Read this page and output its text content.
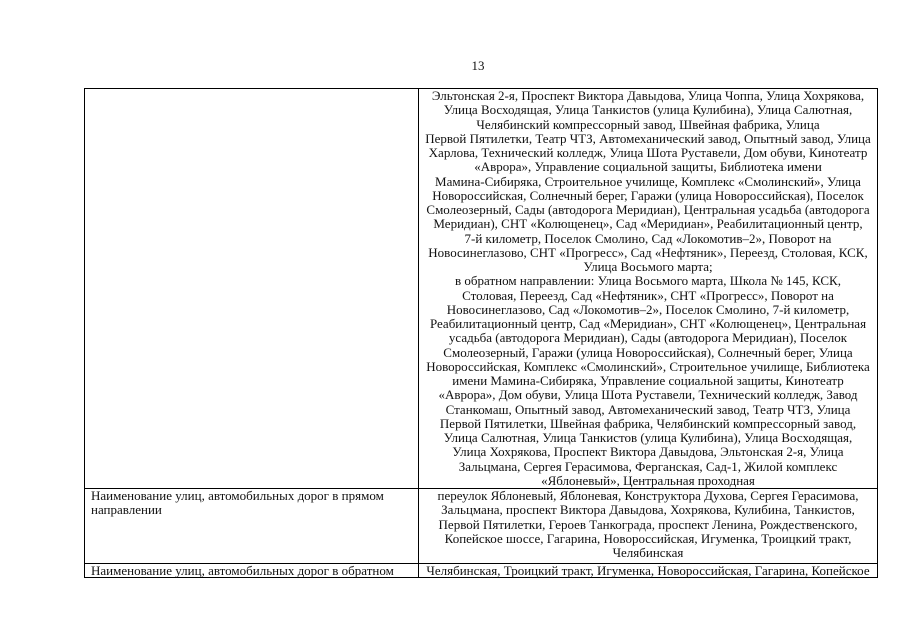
13
Эльтонская 2-я, Проспект Виктора Давыдова, Улица Чоппа, Улица Хохрякова,
Улица Восходящая, Улица Танкистов (улица Кулибина), Улица Салютная,
Челябинский компрессорный завод, Швейная фабрика, Улица
Первой Пятилетки, Театр ЧТЗ, Автомеханический завод, Опытный завод, Улица
Харлова, Технический колледж, Улица Шота Руставели, Дом обуви, Кинотеатр
«Аврора», Управление социальной защиты, Библиотека имени
Мамина-Сибиряка, Строительное училище, Комплекс «Смолинский», Улица
Новороссийская, Солнечный берег, Гаражи (улица Новороссийская), Поселок
Смолеозерный, Сады (автодорога Меридиан), Центральная усадьба (автодорога
Меридиан), СНТ «Колющенец», Сад «Меридиан», Реабилитационный центр,
7-й километр, Поселок Смолино, Сад «Локомотив–2», Поворот на
Новосинеглазово, СНТ «Прогресс», Сад «Нефтяник», Переезд, Столовая, КСК,
Улица Восьмого марта;
в обратном направлении: Улица Восьмого марта, Школа № 145, КСК,
Столовая, Переезд, Сад «Нефтяник», СНТ «Прогресс», Поворот на
Новосинеглазово, Сад «Локомотив–2», Поселок Смолино, 7-й километр,
Реабилитационный центр, Сад «Меридиан», СНТ «Колющенец», Центральная
усадьба (автодорога Меридиан), Сады (автодорога Меридиан), Поселок
Смолеозерный, Гаражи (улица Новороссийская), Солнечный берег, Улица
Новороссийская, Комплекс «Смолинский», Строительное училище, Библиотека
имени Мамина-Сибиряка, Управление социальной защиты, Кинотеатр
«Аврора», Дом обуви, Улица Шота Руставели, Технический колледж, Завод
Станкомаш, Опытный завод, Автомеханический завод, Театр ЧТЗ, Улица
Первой Пятилетки, Швейная фабрика, Челябинский компрессорный завод,
Улица Салютная, Улица Танкистов (улица Кулибина), Улица Восходящая,
Улица Хохрякова, Проспект Виктора Давыдова, Эльтонская 2-я, Улица
Зальцмана, Сергея Герасимова, Ферганская, Сад-1, Жилой комплекс
«Яблоневый», Центральная проходная
Наименование улиц, автомобильных дорог в прямом
направлении
переулок Яблоневый, Яблоневая, Конструктора Духова, Сергея Герасимова,
Зальцмана, проспект Виктора Давыдова, Хохрякова, Кулибина, Танкистов,
Первой Пятилетки, Героев Танкограда, проспект Ленина, Рождественского,
Копейское шоссе, Гагарина, Новороссийская, Игуменка, Троицкий тракт,
Челябинская
Наименование улиц, автомобильных дорог в обратном	Челябинская, Троицкий тракт, Игуменка, Новороссийская, Гагарина, Копейское
